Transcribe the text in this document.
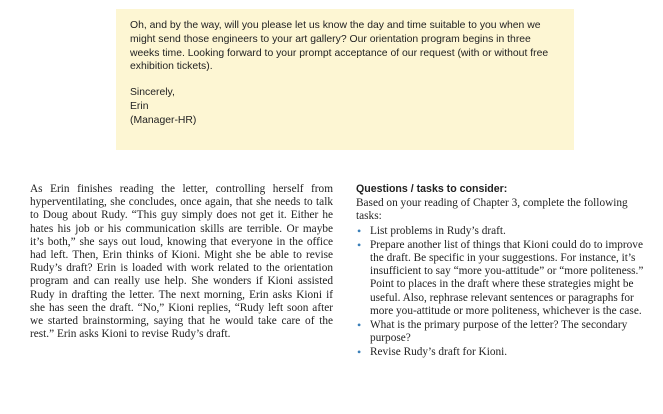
Oh, and by the way, will you please let us know the day and time suitable to you when we might send those engineers to your art gallery? Our orientation program begins in three weeks time. Looking forward to your prompt acceptance of our request (with or without free exhibition tickets).

Sincerely,

Erin

(Manager-HR)

As Erin finishes reading the letter, controlling herself from hyperventilating, she concludes, once again, that she needs to talk to Doug about Rudy. “This guy simply does not get it. Either he hates his job or his communication skills are terrible. Or maybe it’s both,” she says out loud, knowing that everyone in the office had left. Then, Erin thinks of Kioni. Might she be able to revise Rudy’s draft? Erin is loaded with work related to the orientation program and can really use help. She wonders if Kioni assisted Rudy in drafting the letter. The next morning, Erin asks Kioni if she has seen the draft. “No,” Kioni replies, “Rudy left soon after we started brainstorming, saying that he would take care of the rest.” Erin asks Kioni to revise Rudy’s draft.

Questions / tasks to consider:

Based on your reading of Chapter 3, complete the following tasks:

• List problems in Rudy’s draft.
• Prepare another list of things that Kioni could do to improve the draft. Be specific in your suggestions. For instance, it’s insufficient to say “more you-attitude” or “more politeness.” Point to places in the draft where these strategies might be useful. Also, rephrase relevant sentences or paragraphs for more you-attitude or more politeness, whichever is the case.
• What is the primary purpose of the letter? The secondary purpose?
• Revise Rudy’s draft for Kioni.
